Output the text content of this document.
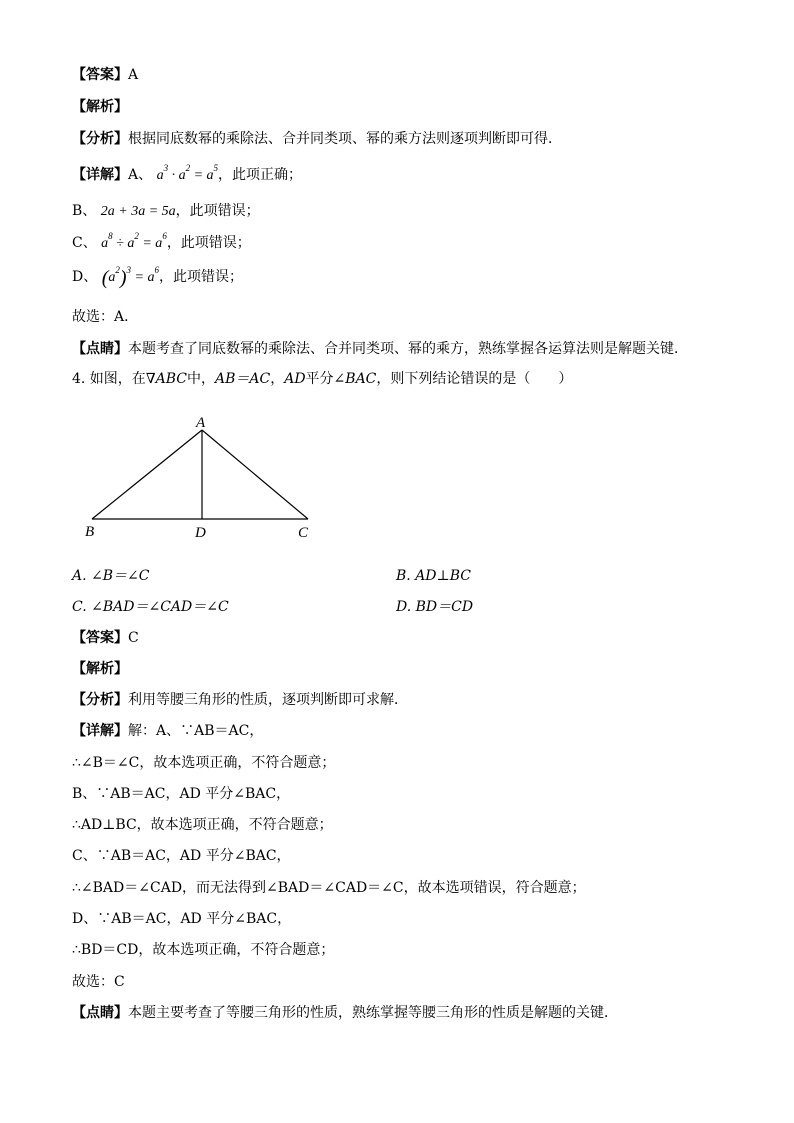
【答案】A
【解析】
【分析】根据同底数幂的乘除法、合并同类项、幂的乘方法则逐项判断即可得．
【详解】A、 $a^3 \cdot a^2 = a^5$，此项正确；
B、 2a + 3a = 5a，此项错误；
C、 $a^8 \div a^2 = a^6$，此项错误；
D、 $(a^2)^3 = a^6$，此项错误；
故选：A．
【点睛】本题考查了同底数幂的乘除法、合并同类项、幂的乘方，熟练掌握各运算法则是解题关键．
4. 如图，在∇ABC中，AB＝AC，AD平分∠BAC，则下列结论错误的是（　　）
A
B	D	C
A. ∠B＝∠C	B. AD⊥BC
C. ∠BAD＝∠CAD＝∠C	D. BD＝CD
【答案】C
【解析】
【分析】利用等腰三角形的性质，逐项判断即可求解．
【详解】解：A、∵AB＝AC，
∴∠B＝∠C，故本选项正确，不符合题意；
B、∵AB＝AC，AD 平分∠BAC，
∴AD⊥BC，故本选项正确，不符合题意；
C、∵AB＝AC，AD 平分∠BAC，
∴∠BAD＝∠CAD，而无法得到∠BAD＝∠CAD＝∠C，故本选项错误，符合题意；
D、∵AB＝AC，AD 平分∠BAC，
∴BD＝CD，故本选项正确，不符合题意；
故选：C
【点睛】本题主要考查了等腰三角形的性质，熟练掌握等腰三角形的性质是解题的关键．
